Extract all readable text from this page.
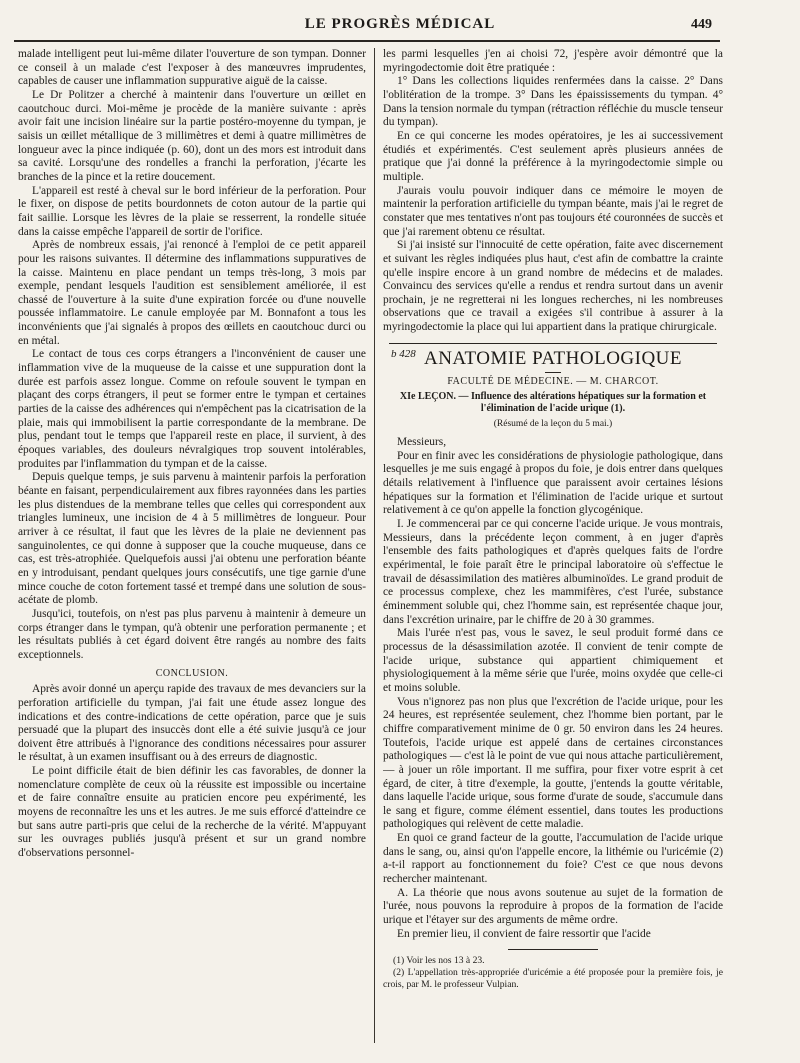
LE PROGRÈS MÉDICAL	449

malade intelligent peut lui-même dilater l'ouverture de son tympan. Donner ce conseil à un malade c'est l'exposer à des manœuvres imprudentes, capables de causer une inflammation suppurative aiguë de la caisse.

Le Dr Politzer a cherché à maintenir dans l'ouverture un œillet en caoutchouc durci. Moi-même je procède de la manière suivante : après avoir fait une incision linéaire sur la partie postéro-moyenne du tympan, je saisis un œillet métallique de 3 millimètres et demi à quatre millimètres de longueur avec la pince indiquée (p. 60), dont un des mors est introduit dans sa cavité. Lorsqu'une des rondelles a franchi la perforation, j'écarte les branches de la pince et la retire doucement.

L'appareil est resté à cheval sur le bord inférieur de la perforation. Pour le fixer, on dispose de petits bourdonnets de coton autour de la partie qui fait saillie. Lorsque les lèvres de la plaie se resserrent, la rondelle située dans la caisse empêche l'appareil de sortir de l'orifice.

Après de nombreux essais, j'ai renoncé à l'emploi de ce petit appareil pour les raisons suivantes. Il détermine des inflammations suppuratives de la caisse. Maintenu en place pendant un temps très-long, 3 mois par exemple, pendant lesquels l'audition est sensiblement améliorée, il est chassé de l'ouverture à la suite d'une expiration forcée ou d'une nouvelle poussée inflammatoire. Le canule employée par M. Bonnafont a tous les inconvénients que j'ai signalés à propos des œillets en caoutchouc durci ou en métal.

Le contact de tous ces corps étrangers a l'inconvénient de causer une inflammation vive de la muqueuse de la caisse et une suppuration dont la durée est parfois assez longue. Comme on refoule souvent le tympan en plaçant des corps étrangers, il peut se former entre le tympan et certaines parties de la caisse des adhérences qui n'empêchent pas la cicatrisation de la plaie, mais qui immobilisent la partie correspondante de la membrane. De plus, pendant tout le temps que l'appareil reste en place, il survient, à des époques variables, des douleurs névralgiques trop souvent intolérables, produites par l'inflammation du tympan et de la caisse.

Depuis quelque temps, je suis parvenu à maintenir parfois la perforation béante en faisant, perpendiculairement aux fibres rayonnées dans les parties les plus distendues de la membrane telles que celles qui correspondent aux triangles lumineux, une incision de 4 à 5 millimètres de longueur. Pour arriver à ce résultat, il faut que les lèvres de la plaie ne deviennent pas sanguinolentes, ce qui donne à supposer que la couche muqueuse, dans ce cas, est très-atrophiée. Quelquefois aussi j'ai obtenu une perforation béante en y introduisant, pendant quelques jours consécutifs, une tige garnie d'une mince couche de coton fortement tassé et trempé dans une solution de sous-acétate de plomb.

Jusqu'ici, toutefois, on n'est pas plus parvenu à maintenir à demeure un corps étranger dans le tympan, qu'à obtenir une perforation permanente ; et les résultats publiés à cet égard doivent être rangés au nombre des faits exceptionnels.

CONCLUSION.

Après avoir donné un aperçu rapide des travaux de mes devanciers sur la perforation artificielle du tympan, j'ai fait une étude assez longue des indications et des contre-indications de cette opération, parce que je suis persuadé que la plupart des insuccès dont elle a été suivie jusqu'à ce jour doivent être attribués à l'ignorance des conditions nécessaires pour assurer le résultat, à un examen insuffisant ou à des erreurs de diagnostic.

Le point difficile était de bien définir les cas favorables, de donner la nomenclature complète de ceux où la réussite est impossible ou incertaine et de faire connaître ensuite au praticien encore peu expérimenté, les moyens de reconnaître les uns et les autres. Je me suis efforcé d'atteindre ce but sans autre parti-pris que celui de la recherche de la vérité. M'appuyant sur les ouvrages publiés jusqu'à présent et sur un grand nombre d'observations personnel-

les parmi lesquelles j'en ai choisi 72, j'espère avoir démontré que la myringodectomie doit être pratiquée :

1° Dans les collections liquides renfermées dans la caisse. 2° Dans l'oblitération de la trompe. 3° Dans les épaississements du tympan. 4° Dans la tension normale du tympan (rétraction réfléchie du muscle tenseur du tympan).

En ce qui concerne les modes opératoires, je les ai successivement étudiés et expérimentés. C'est seulement après plusieurs années de pratique que j'ai donné la préférence à la myringodectomie simple ou multiple.

J'aurais voulu pouvoir indiquer dans ce mémoire le moyen de maintenir la perforation artificielle du tympan béante, mais j'ai le regret de constater que mes tentatives n'ont pas toujours été couronnées de succès et que j'ai rarement obtenu ce résultat.

Si j'ai insisté sur l'innocuité de cette opération, faite avec discernement et suivant les règles indiquées plus haut, c'est afin de combattre la crainte qu'elle inspire encore à un grand nombre de médecins et de malades. Convaincu des services qu'elle a rendus et rendra surtout dans un avenir prochain, je ne regretterai ni les longues recherches, ni les nombreuses observations que ce travail a exigées s'il contribue à assurer à la myringodectomie la place qui lui appartient dans la pratique chirurgicale.

ANATOMIE PATHOLOGIQUE
FACULTÉ DE MÉDECINE. — M. CHARCOT.
XIe LEÇON. — Influence des altérations hépatiques sur la formation et l'élimination de l'acide urique (1).
(Résumé de la leçon du 5 mai.)
b 428

Messieurs,

Pour en finir avec les considérations de physiologie pathologique, dans lesquelles je me suis engagé à propos du foie, je dois entrer dans quelques détails relativement à l'influence que paraissent avoir certaines lésions hépatiques sur la formation et l'élimination de l'acide urique et surtout relativement à ce qu'on appelle la fonction glycogénique.

I. Je commencerai par ce qui concerne l'acide urique. Je vous montrais, Messieurs, dans la précédente leçon comment, à en juger d'après l'ensemble des faits pathologiques et d'après quelques faits de l'ordre expérimental, le foie paraît être le principal laboratoire où s'effectue le travail de désassimilation des matières albuminoïdes. Le grand produit de ce processus complexe, chez les mammifères, c'est l'urée, substance éminemment soluble qui, chez l'homme sain, est représentée chaque jour, dans l'excrétion urinaire, par le chiffre de 20 à 30 grammes.

Mais l'urée n'est pas, vous le savez, le seul produit formé dans ce processus de la désassimilation azotée. Il convient de tenir compte de l'acide urique, substance qui appartient chimiquement et physiologiquement à la même série que l'urée, moins oxydée que celle-ci et moins soluble.

Vous n'ignorez pas non plus que l'excrétion de l'acide urique, pour les 24 heures, est représentée seulement, chez l'homme bien portant, par le chiffre comparativement minime de 0 gr. 50 environ dans les 24 heures. Toutefois, l'acide urique est appelé dans de certaines circonstances pathologiques — c'est là le point de vue qui nous attache particulièrement, — à jouer un rôle important. Il me suffira, pour fixer votre esprit à cet égard, de citer, à titre d'exemple, la goutte, j'entends la goutte véritable, dans laquelle l'acide urique, sous forme d'urate de soude, s'accumule dans le sang et figure, comme élément essentiel, dans toutes les productions pathologiques qui relèvent de cette maladie.

En quoi ce grand facteur de la goutte, l'accumulation de l'acide urique dans le sang, ou, ainsi qu'on l'appelle encore, la lithémie ou l'uricémie (2) a-t-il rapport au fonctionnement du foie? C'est ce que nous devons rechercher maintenant.

A. La théorie que nous avons soutenue au sujet de la formation de l'urée, nous pouvons la reproduire à propos de la formation de l'acide urique et l'étayer sur des arguments de même ordre.

En premier lieu, il convient de faire ressortir que l'acide

(1) Voir les nos 13 à 23.

(2) L'appellation très-appropriée d'uricémie a été proposée pour la première fois, je crois, par M. le professeur Vulpian.
